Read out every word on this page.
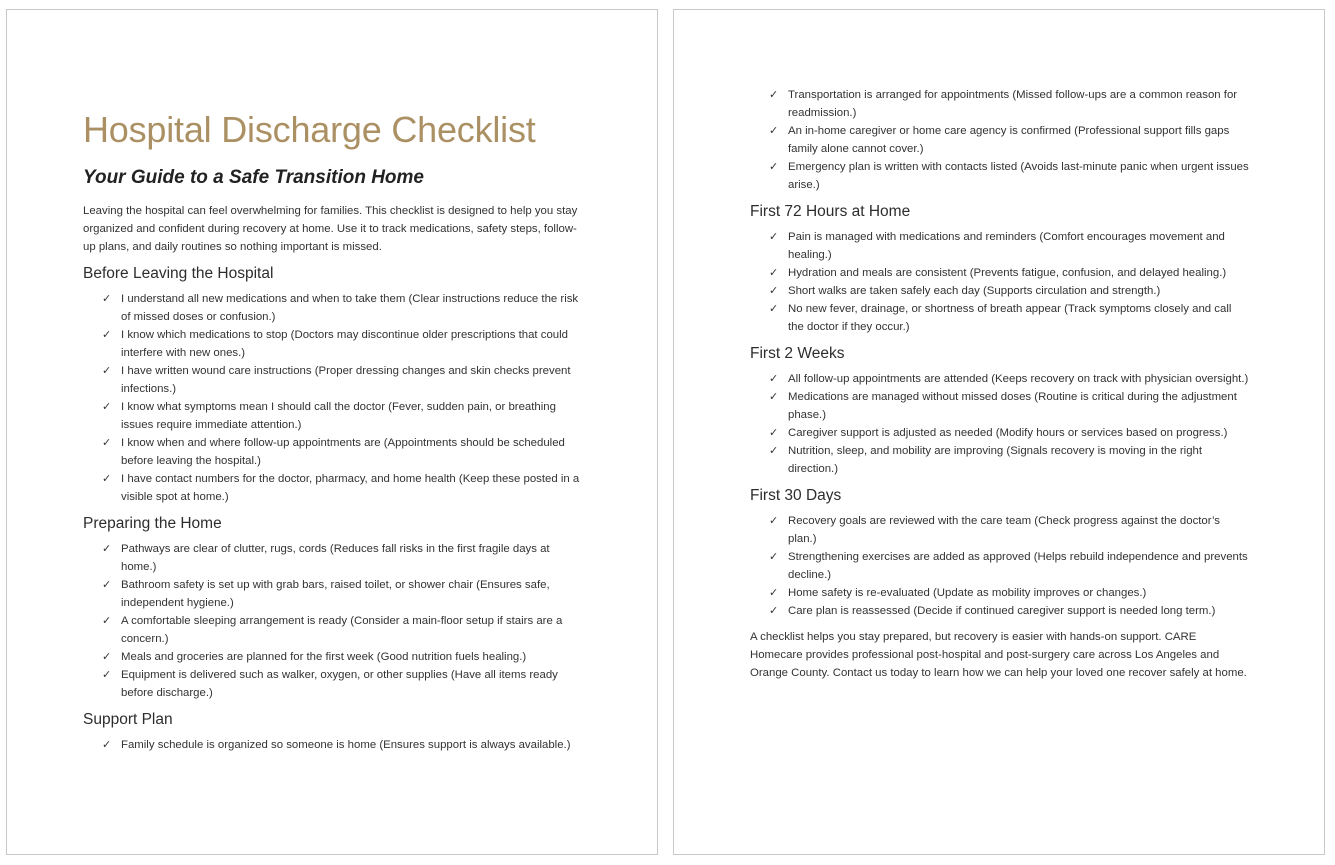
Hospital Discharge Checklist
Your Guide to a Safe Transition Home

Leaving the hospital can feel overwhelming for families. This checklist is designed to help you stay organized and confident during recovery at home. Use it to track medications, safety steps, follow-up plans, and daily routines so nothing important is missed.

Before Leaving the Hospital
✓ I understand all new medications and when to take them (Clear instructions reduce the risk of missed doses or confusion.)
✓ I know which medications to stop (Doctors may discontinue older prescriptions that could interfere with new ones.)
✓ I have written wound care instructions (Proper dressing changes and skin checks prevent infections.)
✓ I know what symptoms mean I should call the doctor (Fever, sudden pain, or breathing issues require immediate attention.)
✓ I know when and where follow-up appointments are (Appointments should be scheduled before leaving the hospital.)
✓ I have contact numbers for the doctor, pharmacy, and home health (Keep these posted in a visible spot at home.)
Preparing the Home
✓ Pathways are clear of clutter, rugs, cords (Reduces fall risks in the first fragile days at home.)
✓ Bathroom safety is set up with grab bars, raised toilet, or shower chair (Ensures safe, independent hygiene.)
✓ A comfortable sleeping arrangement is ready (Consider a main-floor setup if stairs are a concern.)
✓ Meals and groceries are planned for the first week (Good nutrition fuels healing.)
✓ Equipment is delivered such as walker, oxygen, or other supplies (Have all items ready before discharge.)
Support Plan
✓ Family schedule is organized so someone is home (Ensures support is always available.)
✓ Transportation is arranged for appointments (Missed follow-ups are a common reason for readmission.)
✓ An in-home caregiver or home care agency is confirmed (Professional support fills gaps family alone cannot cover.)
✓ Emergency plan is written with contacts listed (Avoids last-minute panic when urgent issues arise.)
First 72 Hours at Home
✓ Pain is managed with medications and reminders (Comfort encourages movement and healing.)
✓ Hydration and meals are consistent (Prevents fatigue, confusion, and delayed healing.)
✓ Short walks are taken safely each day (Supports circulation and strength.)
✓ No new fever, drainage, or shortness of breath appear (Track symptoms closely and call the doctor if they occur.)
First 2 Weeks
✓ All follow-up appointments are attended (Keeps recovery on track with physician oversight.)
✓ Medications are managed without missed doses (Routine is critical during the adjustment phase.)
✓ Caregiver support is adjusted as needed (Modify hours or services based on progress.)
✓ Nutrition, sleep, and mobility are improving (Signals recovery is moving in the right direction.)
First 30 Days
✓ Recovery goals are reviewed with the care team (Check progress against the doctor’s plan.)
✓ Strengthening exercises are added as approved (Helps rebuild independence and prevents decline.)
✓ Home safety is re-evaluated (Update as mobility improves or changes.)
✓ Care plan is reassessed (Decide if continued caregiver support is needed long term.)

A checklist helps you stay prepared, but recovery is easier with hands-on support. CARE Homecare provides professional post-hospital and post-surgery care across Los Angeles and Orange County. Contact us today to learn how we can help your loved one recover safely at home.
